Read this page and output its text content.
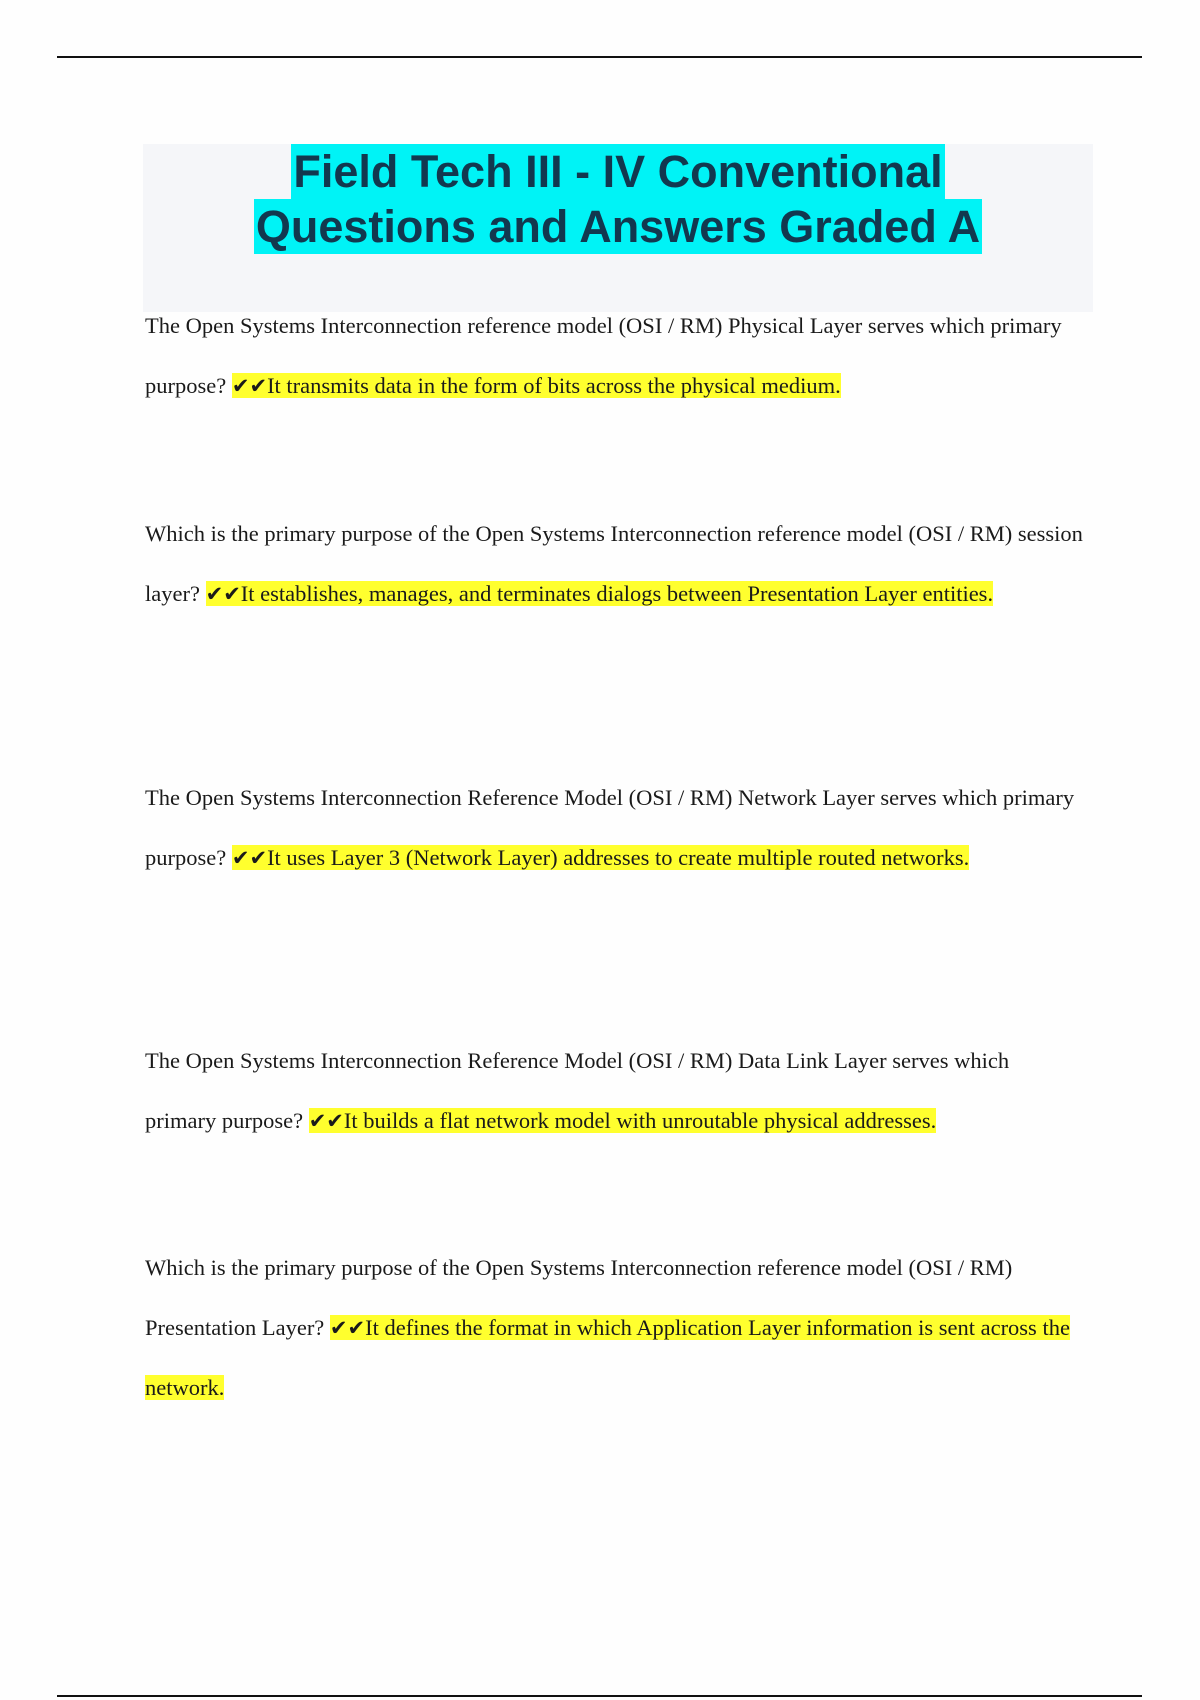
Field Tech III - IV Conventional
Questions and Answers Graded A

The Open Systems Interconnection reference model (OSI / RM) Physical Layer serves which primary purpose? ✔✔It transmits data in the form of bits across the physical medium.

Which is the primary purpose of the Open Systems Interconnection reference model (OSI / RM) session layer? ✔✔It establishes, manages, and terminates dialogs between Presentation Layer entities.

The Open Systems Interconnection Reference Model (OSI / RM) Network Layer serves which primary purpose? ✔✔It uses Layer 3 (Network Layer) addresses to create multiple routed networks.

The Open Systems Interconnection Reference Model (OSI / RM) Data Link Layer serves which primary purpose? ✔✔It builds a flat network model with unroutable physical addresses.

Which is the primary purpose of the Open Systems Interconnection reference model (OSI / RM) Presentation Layer? ✔✔It defines the format in which Application Layer information is sent across the network.
